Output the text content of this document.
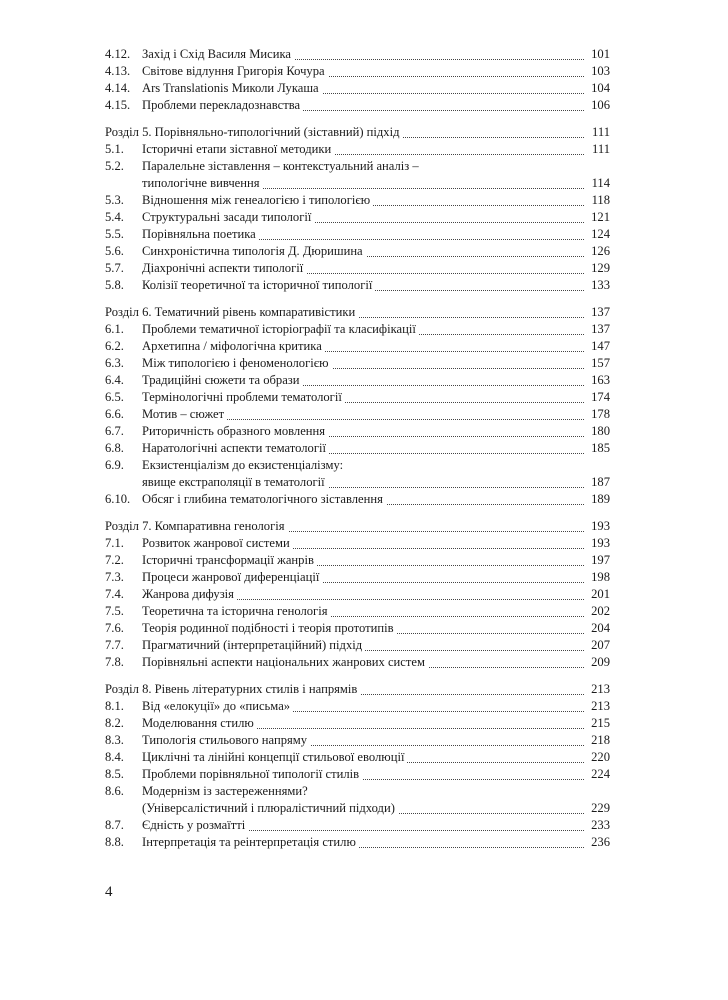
4.12. Захід і Схід Василя Мисика	101
4.13. Світове відлуння Григорія Кочура	103
4.14. Ars Translationis Миколи Лукаша	104
4.15. Проблеми перекладознавства	106
Розділ 5. Порівняльно-типологічний (зіставний) підхід	111
5.1. Історичні етапи зіставної методики	111
5.2. Паралельне зіставлення – контекстуальний аналіз –
типологічне вивчення	114
5.3. Відношення між генеалогією і типологією	118
5.4. Структуральні засади типології	121
5.5. Порівняльна поетика	124
5.6. Синхроністична типологія Д. Дюришина	126
5.7. Діахронічні аспекти типології	129
5.8. Колізії теоретичної та історичної типології	133
Розділ 6. Тематичний рівень компаративістики	137
6.1. Проблеми тематичної історіографії та класифікації	137
6.2. Архетипна / міфологічна критика	147
6.3. Між типологією і феноменологією	157
6.4. Традиційні сюжети та образи	163
6.5. Термінологічні проблеми тематології	174
6.6. Мотив – сюжет	178
6.7. Риторичність образного мовлення	180
6.8. Наратологічні аспекти тематології	185
6.9. Екзистенціалізм до екзистенціалізму:
явище екстраполяції в тематології	187
6.10. Обсяг і глибина тематологічного зіставлення	189
Розділ 7. Компаративна генологія	193
7.1. Розвиток жанрової системи	193
7.2. Історичні трансформації жанрів	197
7.3. Процеси жанрової диференціації	198
7.4. Жанрова дифузія	201
7.5. Теоретична та історична генологія	202
7.6. Теорія родинної подібності і теорія прототипів	204
7.7. Прагматичний (інтерпретаційний) підхід	207
7.8. Порівняльні аспекти національних жанрових систем	209
Розділ 8. Рівень літературних стилів і напрямів	213
8.1. Від «елокуції» до «письма»	213
8.2. Моделювання стилю	215
8.3. Типологія стильового напряму	218
8.4. Циклічні та лінійні концепції стильової еволюції	220
8.5. Проблеми порівняльної типології стилів	224
8.6. Модернізм із застереженнями?
(Універсалістичний і плюралістичний підходи)	229
8.7. Єдність у розмаїтті	233
8.8. Інтерпретація та реінтерпретація стилю	236
4
